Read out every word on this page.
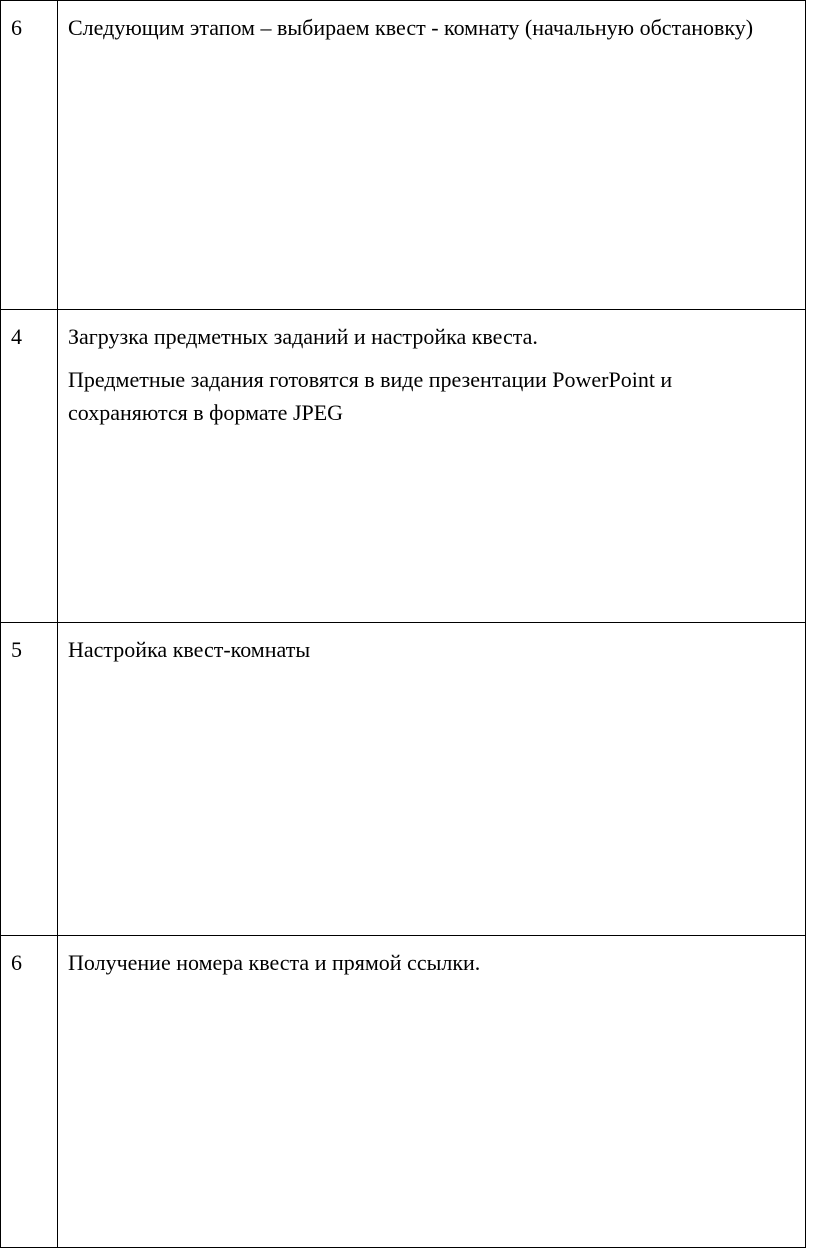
6	Следующим этапом – выбираем квест - комнату (начальную обстановку)

4	Загрузка предметных заданий и настройка квеста.
Предметные задания готовятся в виде презентации PowerPoint и сохраняются в формате JPEG

5	Настройка квест-комнаты

6	Получение номера квеста и прямой ссылки.
